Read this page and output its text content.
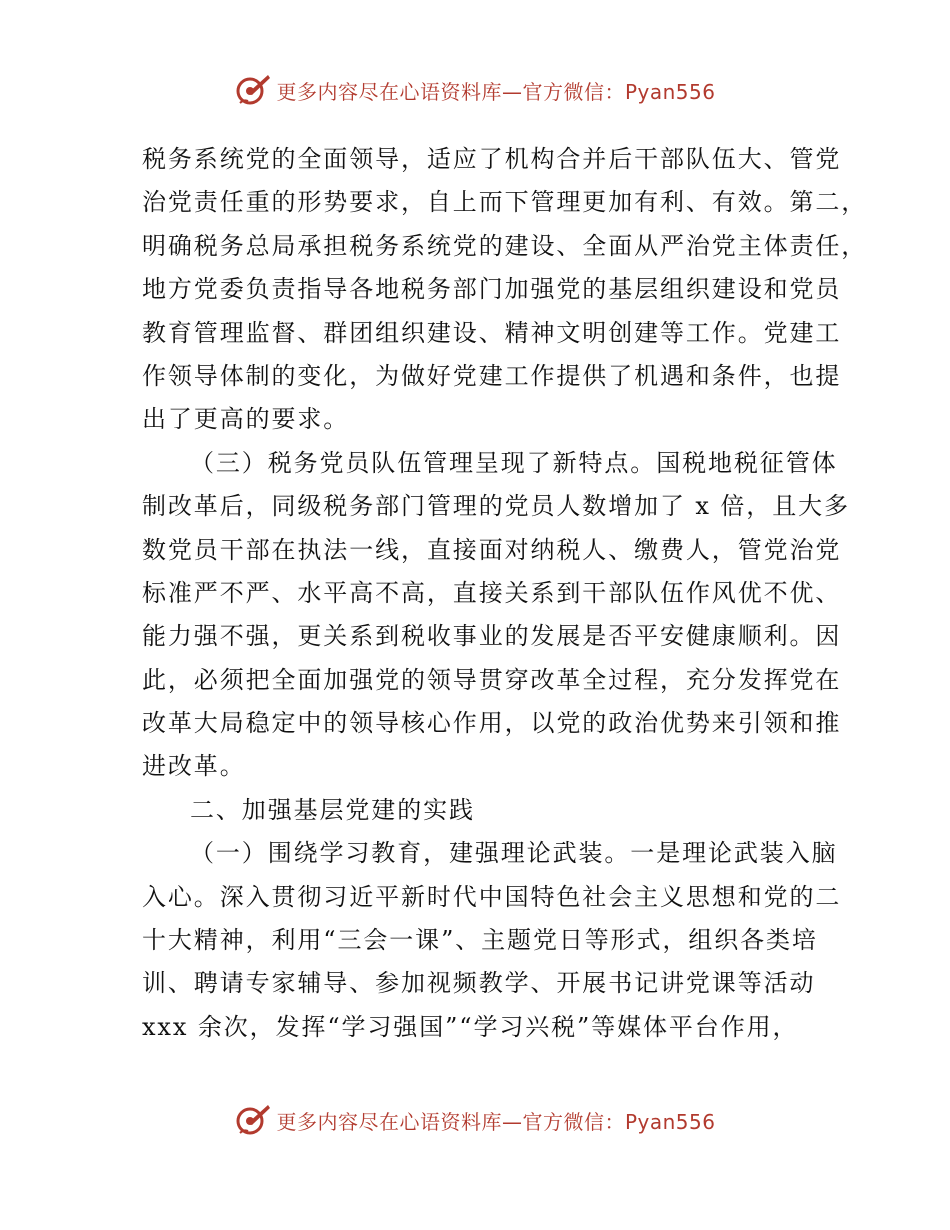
更多内容尽在心语资料库—官方微信：Pyan556
税务系统党的全面领导，适应了机构合并后干部队伍大、管党
治党责任重的形势要求，自上而下管理更加有利、有效。第二，
明确税务总局承担税务系统党的建设、全面从严治党主体责任，
地方党委负责指导各地税务部门加强党的基层组织建设和党员
教育管理监督、群团组织建设、精神文明创建等工作。党建工
作领导体制的变化，为做好党建工作提供了机遇和条件，也提
出了更高的要求。
（三）税务党员队伍管理呈现了新特点。国税地税征管体
制改革后，同级税务部门管理的党员人数增加了 x 倍，且大多
数党员干部在执法一线，直接面对纳税人、缴费人，管党治党
标准严不严、水平高不高，直接关系到干部队伍作风优不优、
能力强不强，更关系到税收事业的发展是否平安健康顺利。因
此，必须把全面加强党的领导贯穿改革全过程，充分发挥党在
改革大局稳定中的领导核心作用，以党的政治优势来引领和推
进改革。
二、加强基层党建的实践
（一）围绕学习教育，建强理论武装。一是理论武装入脑
入心。深入贯彻习近平新时代中国特色社会主义思想和党的二
十大精神，利用“三会一课”、主题党日等形式，组织各类培
训、聘请专家辅导、参加视频教学、开展书记讲党课等活动
xxx 余次，发挥“学习强国”“学习兴税”等媒体平台作用，
更多内容尽在心语资料库—官方微信：Pyan556
